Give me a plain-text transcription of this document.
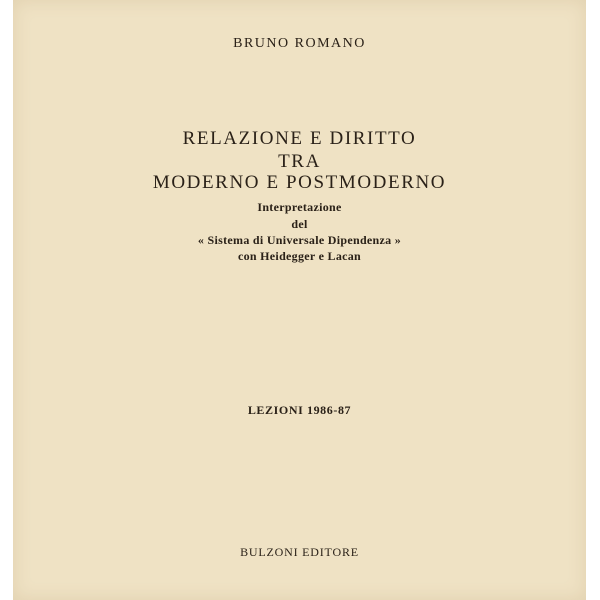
BRUNO ROMANO
RELAZIONE E DIRITTO
TRA
MODERNO E POSTMODERNO
Interpretazione
del
« Sistema di Universale Dipendenza »
con Heidegger e Lacan
LEZIONI 1986-87
BULZONI EDITORE
